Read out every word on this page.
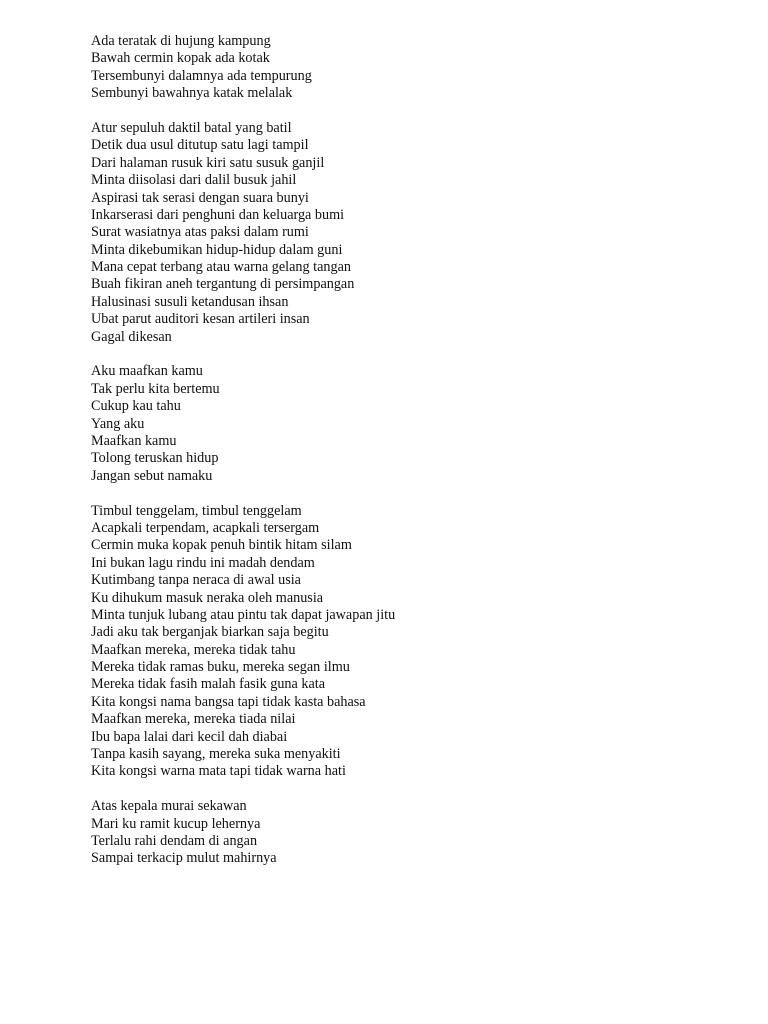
Ada teratak di hujung kampung
Bawah cermin kopak ada kotak
Tersembunyi dalamnya ada tempurung
Sembunyi bawahnya katak melalak
Atur sepuluh daktil batal yang batil
Detik dua usul ditutup satu lagi tampil
Dari halaman rusuk kiri satu susuk ganjil
Minta diisolasi dari dalil busuk jahil
Aspirasi tak serasi dengan suara bunyi
Inkarserasi dari penghuni dan keluarga bumi
Surat wasiatnya atas paksi dalam rumi
Minta dikebumikan hidup-hidup dalam guni
Mana cepat terbang atau warna gelang tangan
Buah fikiran aneh tergantung di persimpangan
Halusinasi susuli ketandusan ihsan
Ubat parut auditori kesan artileri insan
Gagal dikesan
Aku maafkan kamu
Tak perlu kita bertemu
Cukup kau tahu
Yang aku
Maafkan kamu
Tolong teruskan hidup
Jangan sebut namaku
Timbul tenggelam, timbul tenggelam
Acapkali terpendam, acapkali tersergam
Cermin muka kopak penuh bintik hitam silam
Ini bukan lagu rindu ini madah dendam
Kutimbang tanpa neraca di awal usia
Ku dihukum masuk neraka oleh manusia
Minta tunjuk lubang atau pintu tak dapat jawapan jitu
Jadi aku tak berganjak biarkan saja begitu
Maafkan mereka, mereka tidak tahu
Mereka tidak ramas buku, mereka segan ilmu
Mereka tidak fasih malah fasik guna kata
Kita kongsi nama bangsa tapi tidak kasta bahasa
Maafkan mereka, mereka tiada nilai
Ibu bapa lalai dari kecil dah diabai
Tanpa kasih sayang, mereka suka menyakiti
Kita kongsi warna mata tapi tidak warna hati
Atas kepala murai sekawan
Mari ku ramit kucup lehernya
Terlalu rahi dendam di angan
Sampai terkacip mulut mahirnya
